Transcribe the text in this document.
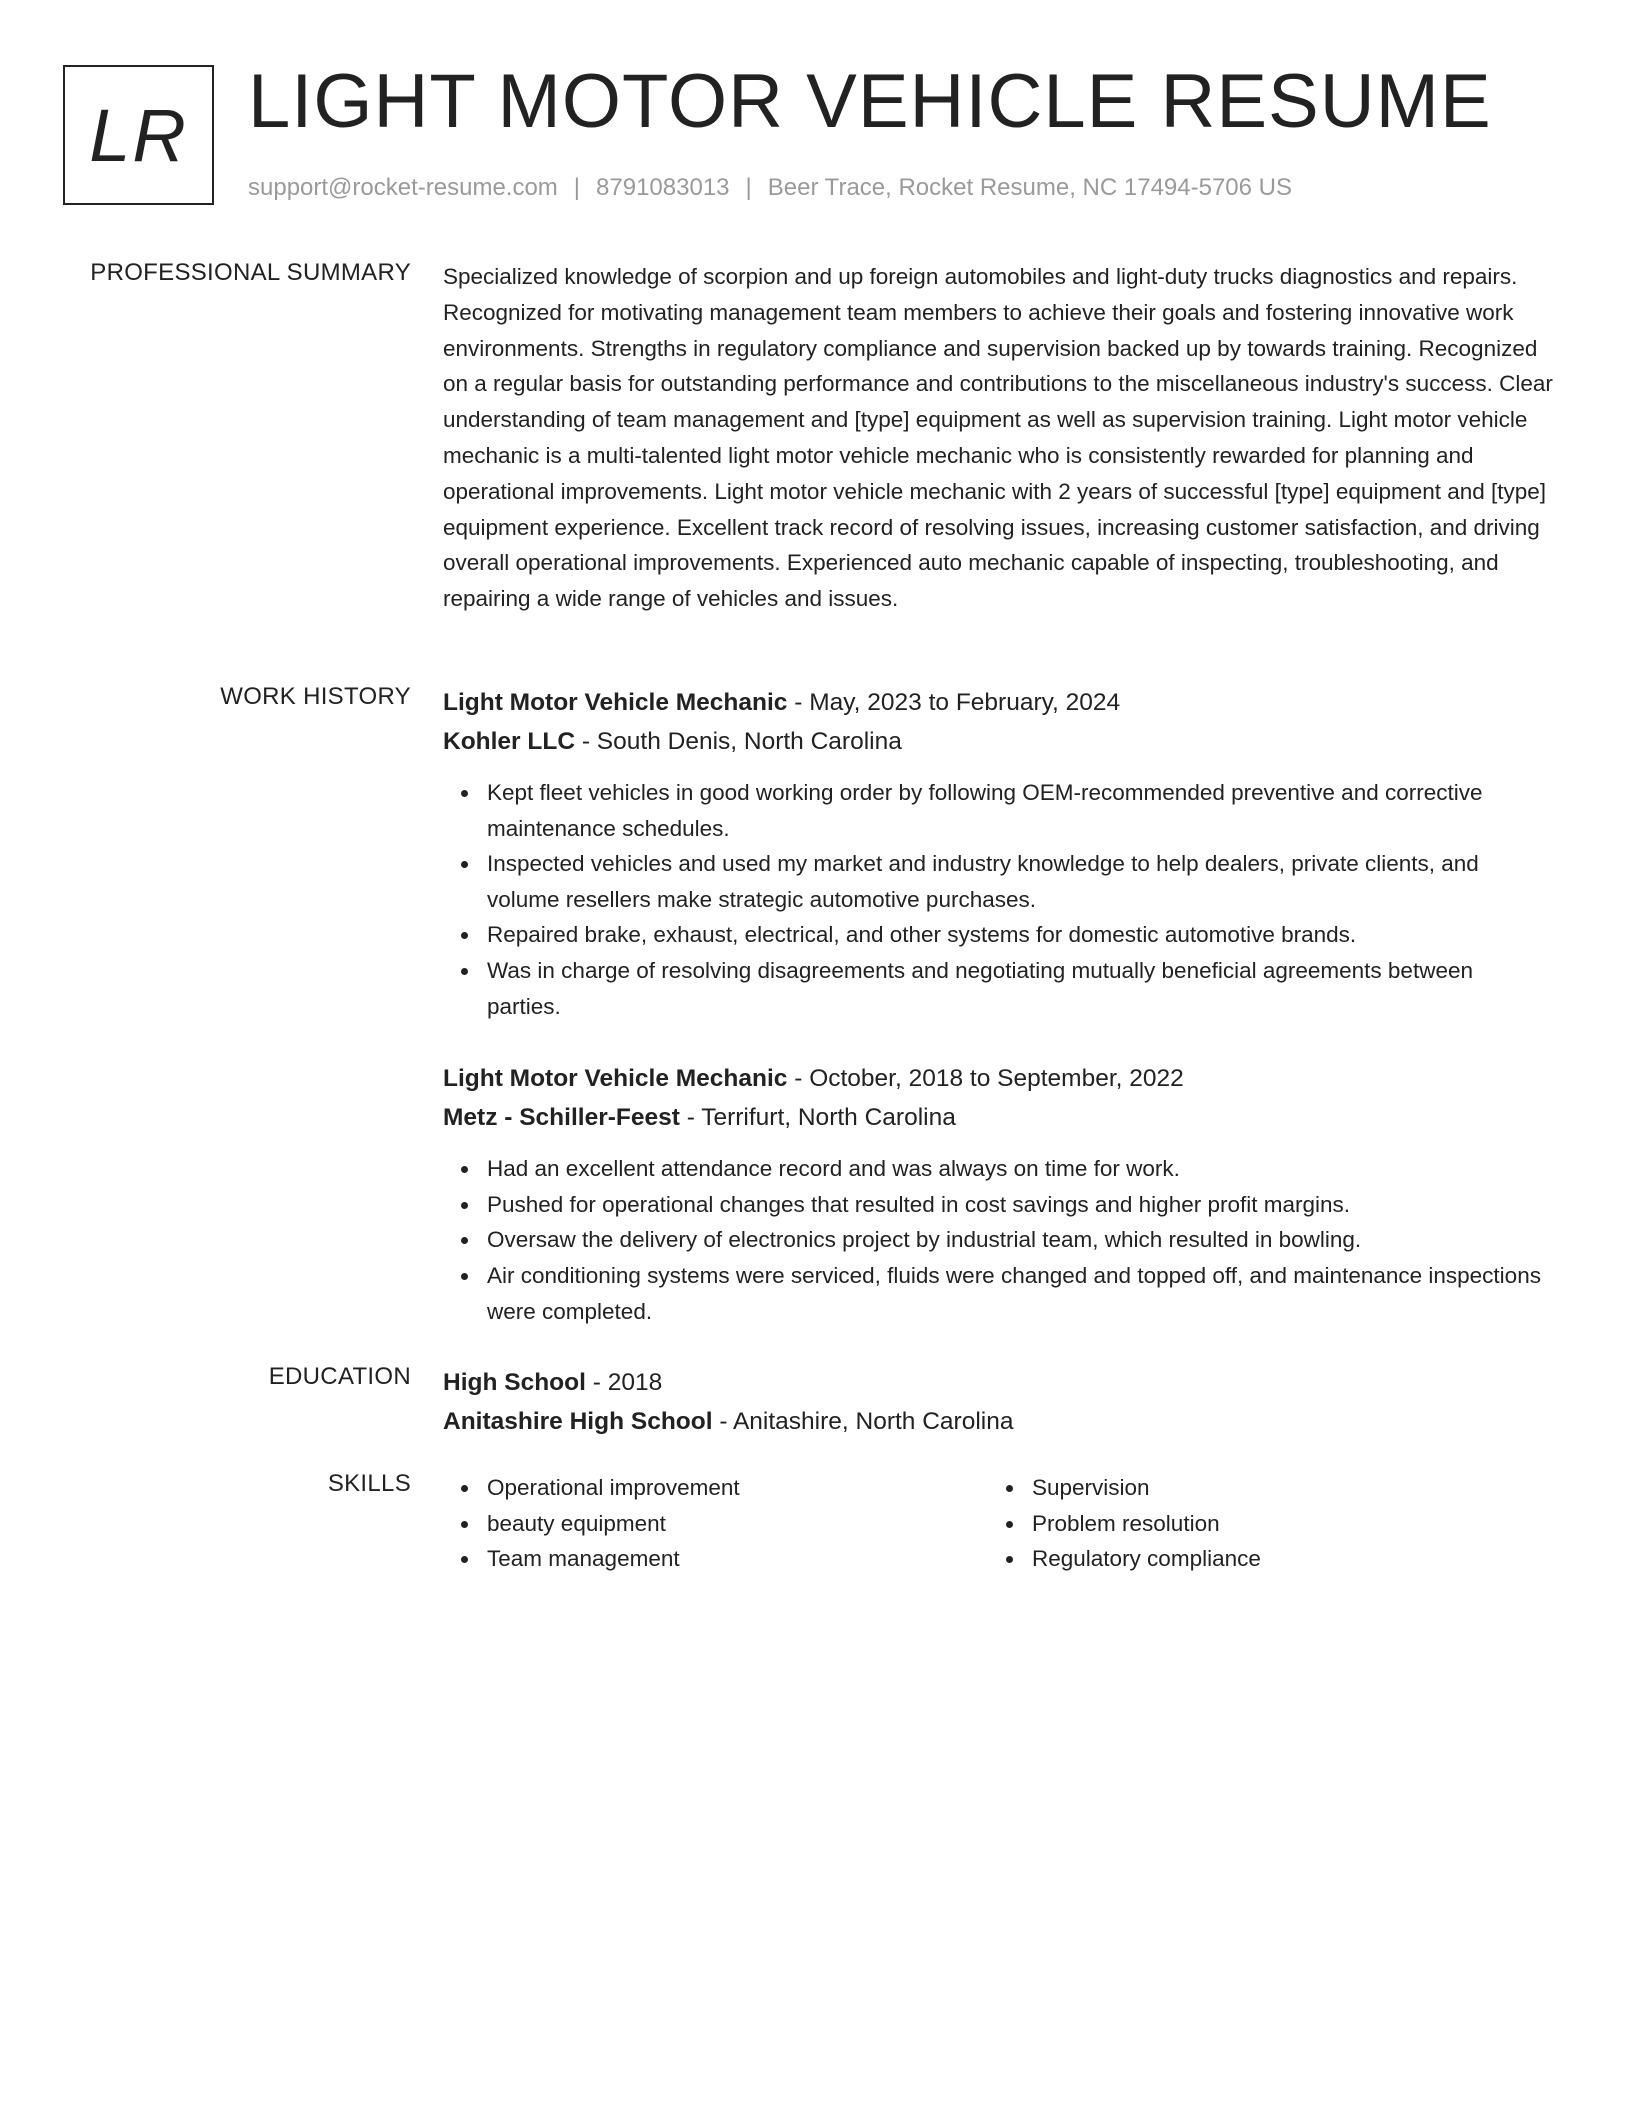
LR LIGHT MOTOR VEHICLE RESUME
support@rocket-resume.com | 8791083013 | Beer Trace, Rocket Resume, NC 17494-5706 US
PROFESSIONAL SUMMARY Specialized knowledge of scorpion and up foreign automobiles and light-duty trucks diagnostics and repairs. Recognized for motivating management team members to achieve their goals and fostering innovative work environments. Strengths in regulatory compliance and supervision backed up by towards training. Recognized on a regular basis for outstanding performance and contributions to the miscellaneous industry's success. Clear understanding of team management and [type] equipment as well as supervision training. Light motor vehicle mechanic is a multi-talented light motor vehicle mechanic who is consistently rewarded for planning and operational improvements. Light motor vehicle mechanic with 2 years of successful [type] equipment and [type] equipment experience. Excellent track record of resolving issues, increasing customer satisfaction, and driving overall operational improvements. Experienced auto mechanic capable of inspecting, troubleshooting, and repairing a wide range of vehicles and issues.

WORK HISTORY Light Motor Vehicle Mechanic - May, 2023 to February, 2024
Kohler LLC - South Denis, North Carolina
Kept fleet vehicles in good working order by following OEM-recommended preventive and corrective maintenance schedules.
Inspected vehicles and used my market and industry knowledge to help dealers, private clients, and volume resellers make strategic automotive purchases.
Repaired brake, exhaust, electrical, and other systems for domestic automotive brands.
Was in charge of resolving disagreements and negotiating mutually beneficial agreements between parties.
Light Motor Vehicle Mechanic - October, 2018 to September, 2022
Metz - Schiller-Feest - Terrifurt, North Carolina
Had an excellent attendance record and was always on time for work.
Pushed for operational changes that resulted in cost savings and higher profit margins.
Oversaw the delivery of electronics project by industrial team, which resulted in bowling.
Air conditioning systems were serviced, fluids were changed and topped off, and maintenance inspections were completed.
EDUCATION High School - 2018
Anitashire High School - Anitashire, North Carolina
SKILLS	Operational improvement
beauty equipment
Team management
Supervision
Problem resolution
Regulatory compliance
